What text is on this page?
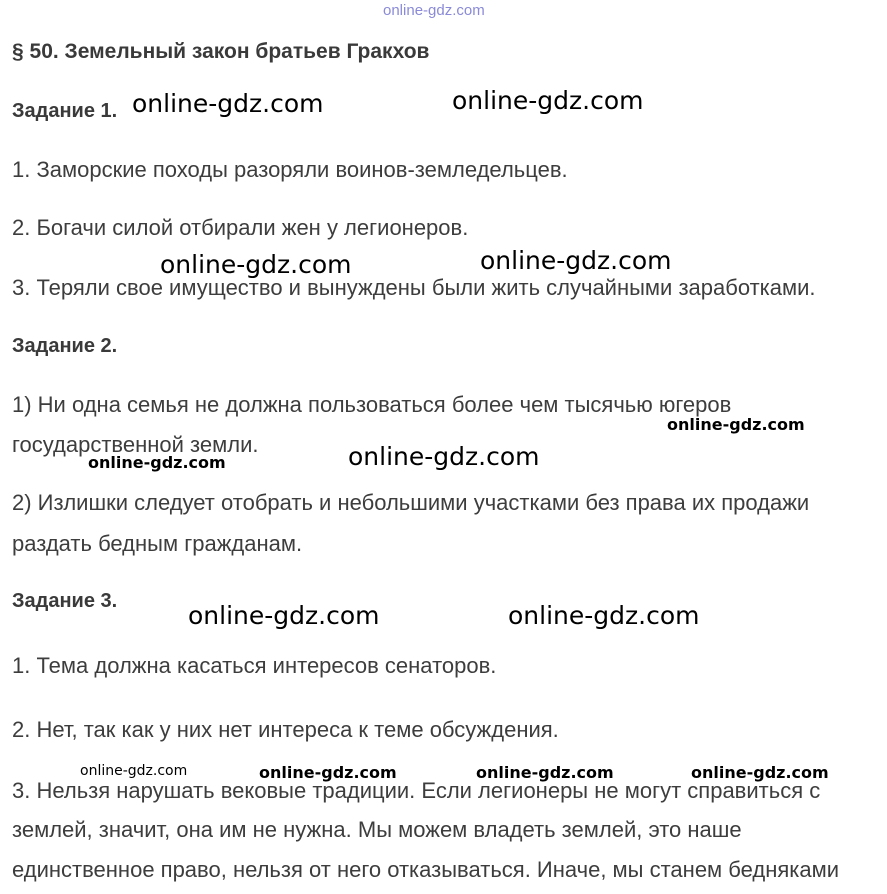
online-gdz.com
§ 50. Земельный закон братьев Гракхов
Задание 1.
1. Заморские походы разоряли воинов-земледельцев.
2. Богачи силой отбирали жен у легионеров.
3. Теряли свое имущество и вынуждены были жить случайными заработками.
Задание 2.
1) Ни одна семья не должна пользоваться более чем тысячью югеров
государственной земли.
2) Излишки следует отобрать и небольшими участками без права их продажи
раздать бедным гражданам.
Задание 3.
1. Тема должна касаться интересов сенаторов.
2. Нет, так как у них нет интереса к теме обсуждения.
3. Нельзя нарушать вековые традиции. Если легионеры не могут справиться с
землей, значит, она им не нужна. Мы можем владеть землей, это наше
единственное право, нельзя от него отказываться. Иначе, мы станем бедняками
online-gdz.com	online-gdz.com
online-gdz.com	online-gdz.com
online-gdz.com
online-gdz.com
online-gdz.com
online-gdz.com	online-gdz.com
online-gdz.com	online-gdz.com	online-gdz.com	online-gdz.com
